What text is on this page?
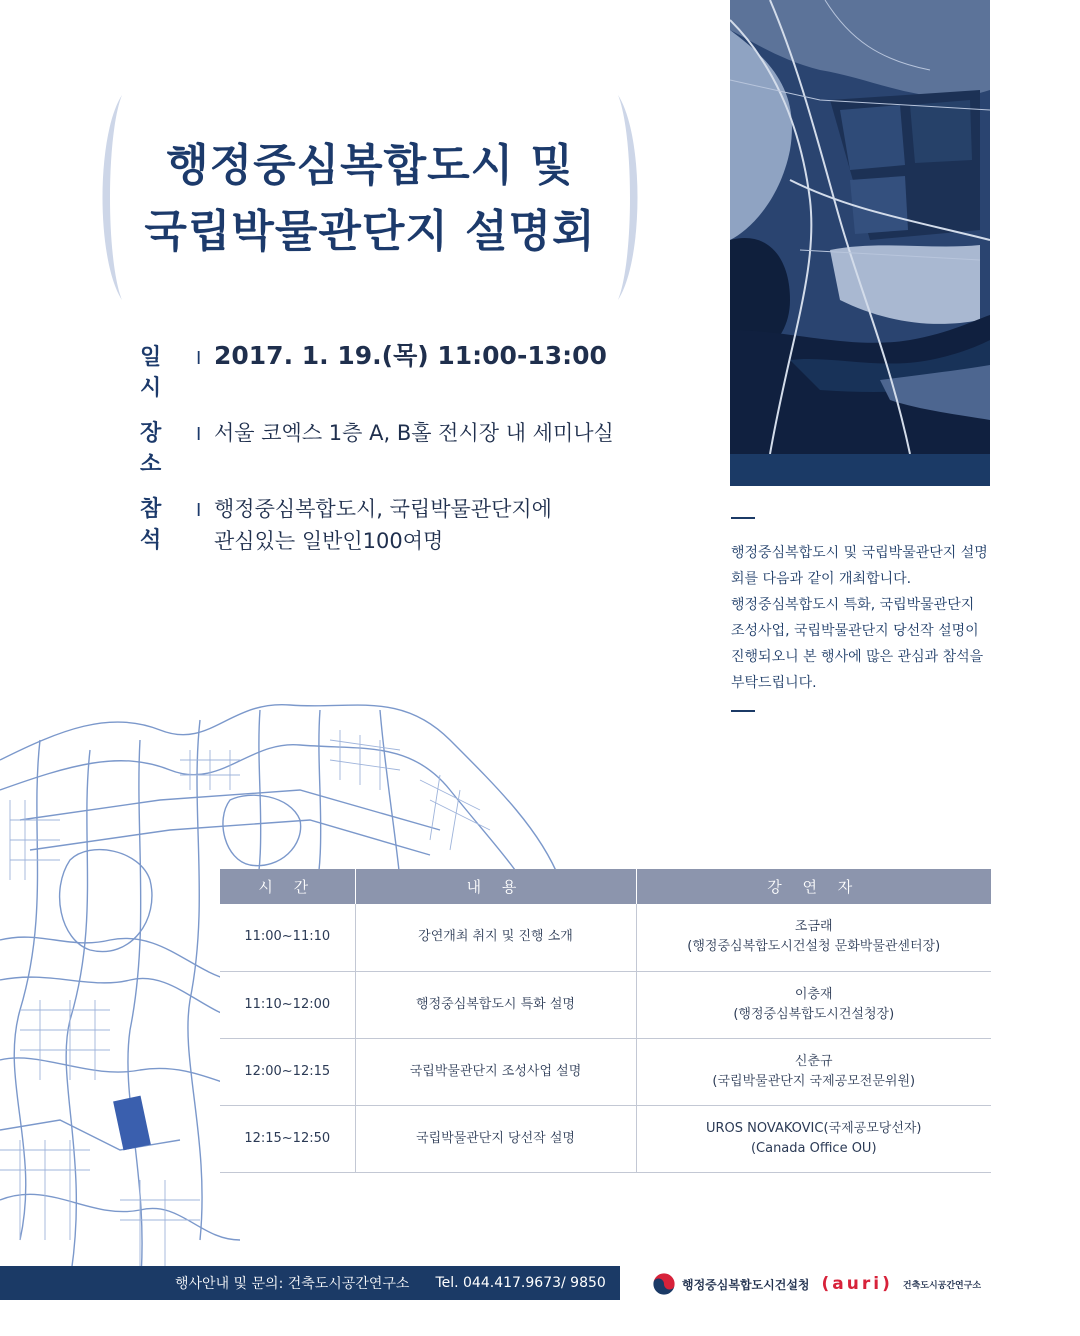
행정중심복합도시 및
국립박물관단지 설명회
일 시
I 2017. 1. 19.(목) 11:00-13:00
장 소
I 서울 코엑스 1층 A, B홀 전시장 내 세미나실
참 석
I 행정중심복합도시, 국립박물관단지에
관심있는 일반인100여명	행정중심복합도시 및 국립박물관단지 설명

회를 다음과 같이 개최합니다.

행정중심복합도시 특화, 국립박물관단지

조성사업, 국립박물관단지 당선작 설명이

진행되오니 본 행사에 많은 관심과 참석을

부탁드립니다.

시 간	내 용	강 연 자
11:00~11:10	강연개최 취지 및 진행 소개	조금래
(행정중심복합도시건설청 문화박물관센터장)

11:10~12:00	행정중심복합도시 특화 설명	이충재
(행정중심복합도시건설청장)

12:00~12:15	국립박물관단지 조성사업 설명	신춘규
(국립박물관단지 국제공모전문위원)

12:15~12:50	국립박물관단지 당선작 설명	UROS NOVAKOVIC(국제공모당선자)
(Canada Office OU)
행사안내 및 문의: 건축도시공간연구소 Tel. 044.417.9673/ 9850	행정중심복합도시건설청 (auri) 건축도시공간연구소
